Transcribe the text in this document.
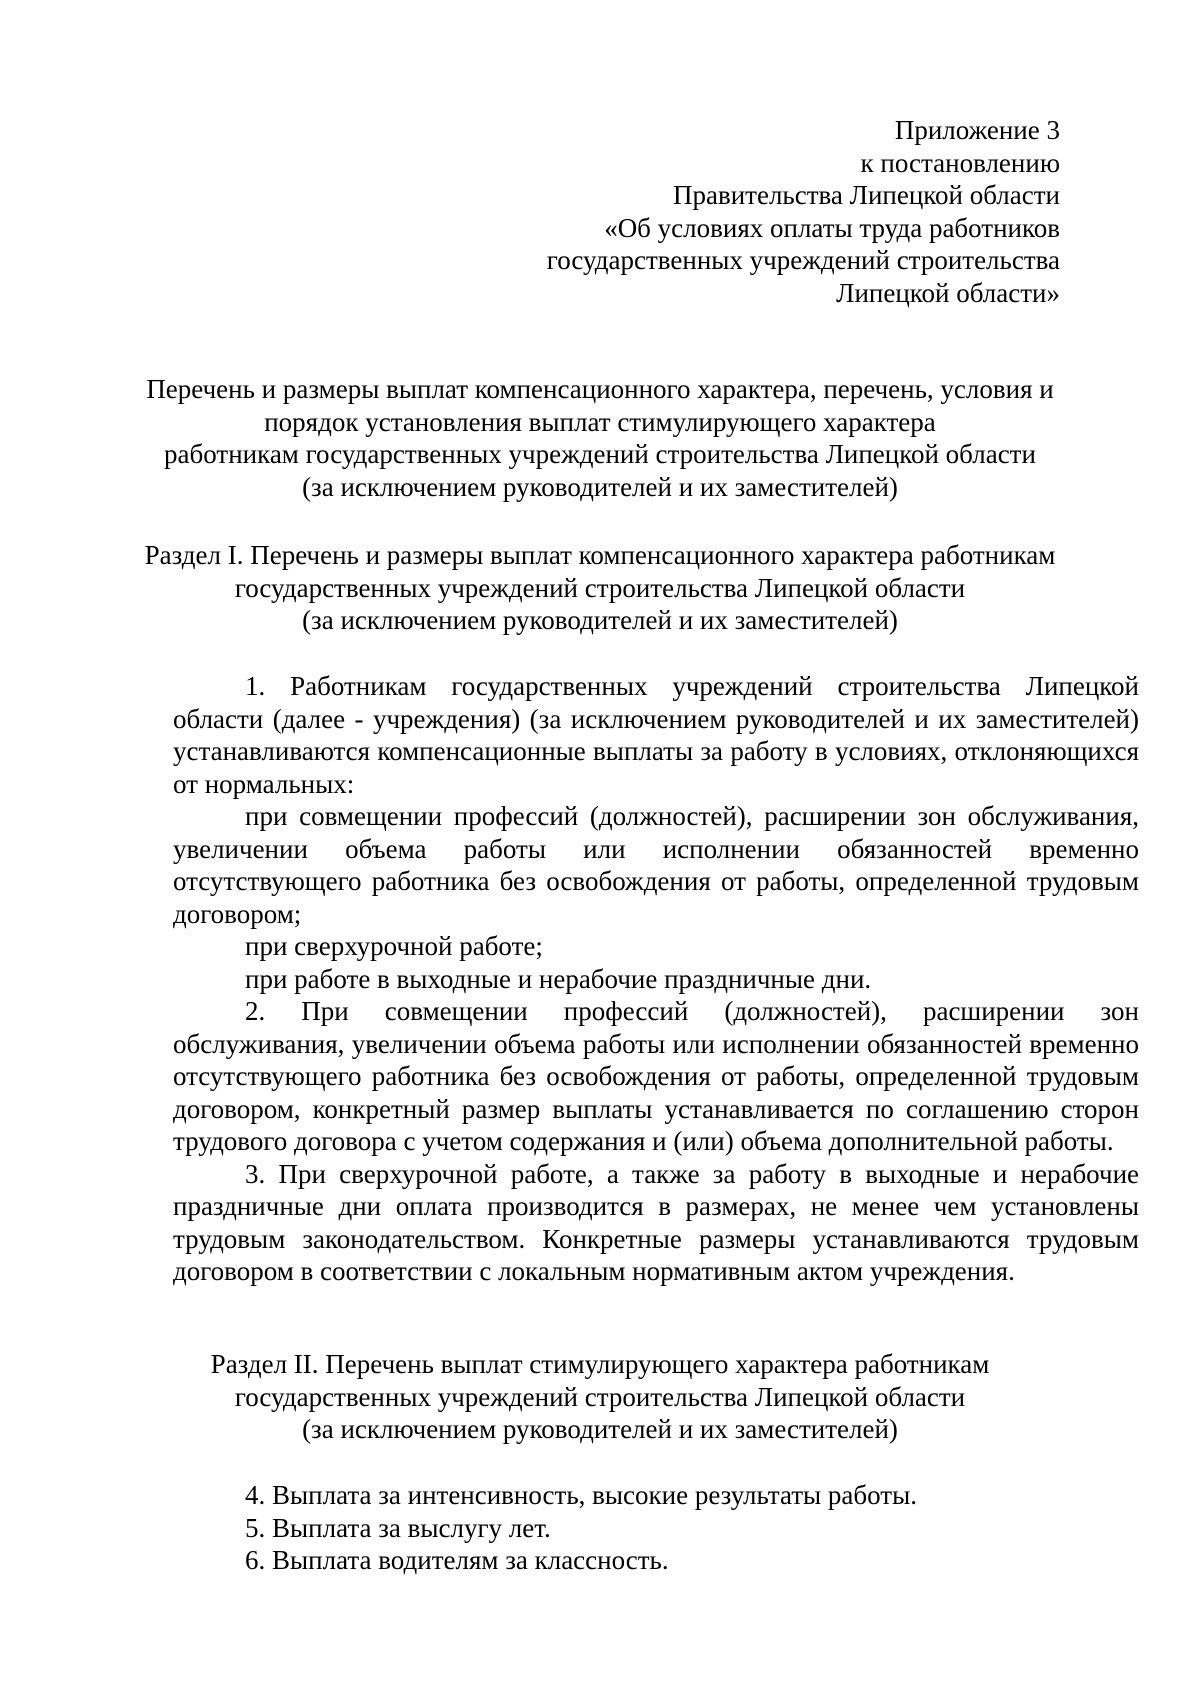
Приложение 3
к постановлению
Правительства Липецкой области
«Об условиях оплаты труда работников
государственных учреждений строительства
Липецкой области»
Перечень и размеры выплат компенсационного характера, перечень, условия и
порядок установления выплат стимулирующего характера
работникам государственных учреждений строительства Липецкой области
(за исключением руководителей и их заместителей)
Раздел I. Перечень и размеры выплат компенсационного характера работникам
государственных учреждений строительства Липецкой области
(за исключением руководителей и их заместителей)

1. Работникам государственных учреждений строительства Липецкой области (далее - учреждения) (за исключением руководителей и их заместителей) устанавливаются компенсационные выплаты за работу в условиях, отклоняющихся от нормальных:

при совмещении профессий (должностей), расширении зон обслуживания, увеличении объема работы или исполнении обязанностей временно отсутствующего работника без освобождения от работы, определенной трудовым договором;

при сверхурочной работе;

при работе в выходные и нерабочие праздничные дни.

2. При совмещении профессий (должностей), расширении зон обслуживания, увеличении объема работы или исполнении обязанностей временно отсутствующего работника без освобождения от работы, определенной трудовым договором, конкретный размер выплаты устанавливается по соглашению сторон трудового договора с учетом содержания и (или) объема дополнительной работы.

3. При сверхурочной работе, а также за работу в выходные и нерабочие праздничные дни оплата производится в размерах, не менее чем установлены трудовым законодательством. Конкретные размеры устанавливаются трудовым договором в соответствии с локальным нормативным актом учреждения.

Раздел II. Перечень выплат стимулирующего характера работникам
государственных учреждений строительства Липецкой области
(за исключением руководителей и их заместителей)

4. Выплата за интенсивность, высокие результаты работы.

5. Выплата за выслугу лет.

6. Выплата водителям за классность.
